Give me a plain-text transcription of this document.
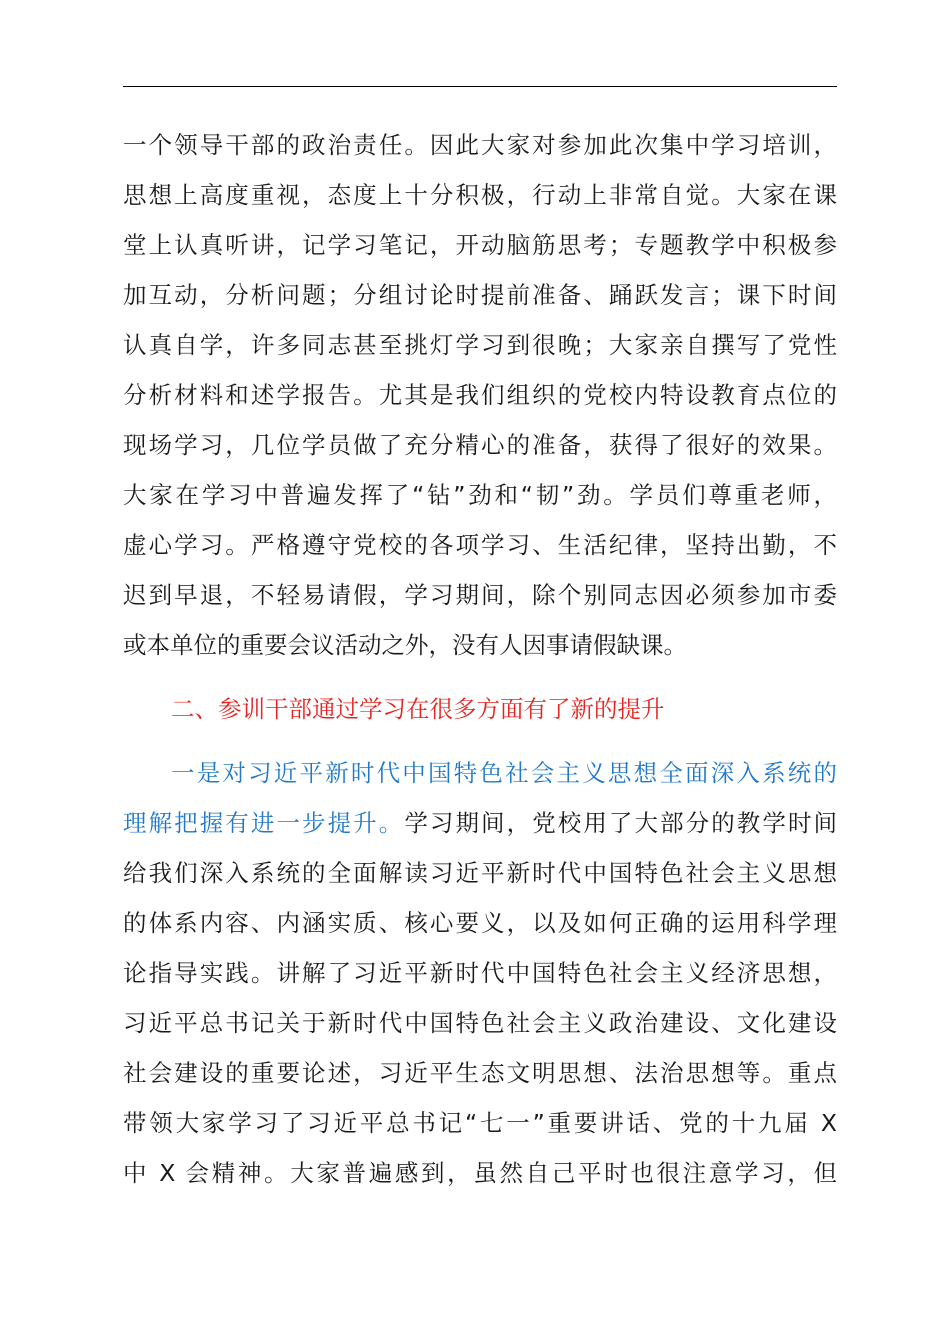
一个领导干部的政治责任。因此大家对参加此次集中学习培训，
思想上高度重视，态度上十分积极，行动上非常自觉。大家在课
堂上认真听讲，记学习笔记，开动脑筋思考；专题教学中积极参
加互动，分析问题；分组讨论时提前准备、踊跃发言；课下时间
认真自学，许多同志甚至挑灯学习到很晚；大家亲自撰写了党性
分析材料和述学报告。尤其是我们组织的党校内特设教育点位的
现场学习，几位学员做了充分精心的准备，获得了很好的效果。
大家在学习中普遍发挥了“钻”劲和“韧”劲。学员们尊重老师，
虚心学习。严格遵守党校的各项学习、生活纪律，坚持出勤，不
迟到早退，不轻易请假，学习期间，除个别同志因必须参加市委
或本单位的重要会议活动之外，没有人因事请假缺课。
二、参训干部通过学习在很多方面有了新的提升
一是对习近平新时代中国特色社会主义思想全面深入系统的
理解把握有进一步提升。学习期间，党校用了大部分的教学时间
给我们深入系统的全面解读习近平新时代中国特色社会主义思想
的体系内容、内涵实质、核心要义，以及如何正确的运用科学理
论指导实践。讲解了习近平新时代中国特色社会主义经济思想，
习近平总书记关于新时代中国特色社会主义政治建设、文化建设
社会建设的重要论述，习近平生态文明思想、法治思想等。重点
带领大家学习了习近平总书记“七一”重要讲话、党的十九届 X
中 X 会精神。大家普遍感到，虽然自己平时也很注意学习，但
